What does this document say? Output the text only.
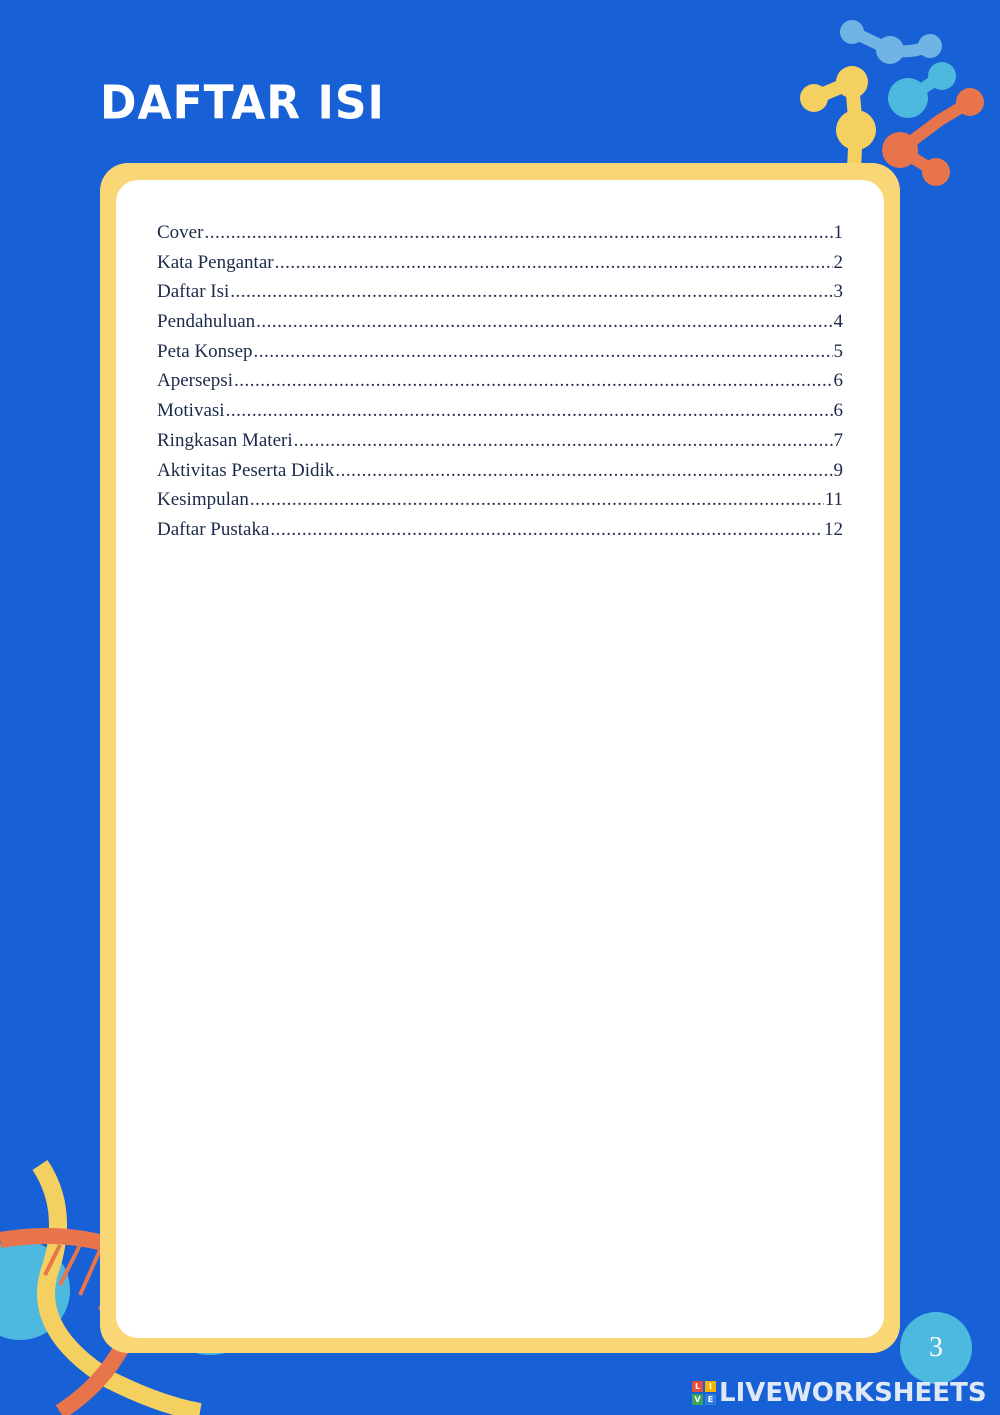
DAFTAR ISI
Cover .....	1
Kata Pengantar .....	2
Daftar Isi .....	3
Pendahuluan .....	4
Peta Konsep .....	5
Apersepsi .....	6
Motivasi .....	6
Ringkasan Materi .....	7
Aktivitas Peserta Didik .....	9
Kesimpulan .....	11
Daftar Pustaka .....	12
3
L	I
V E LIVEWORKSHEETS
